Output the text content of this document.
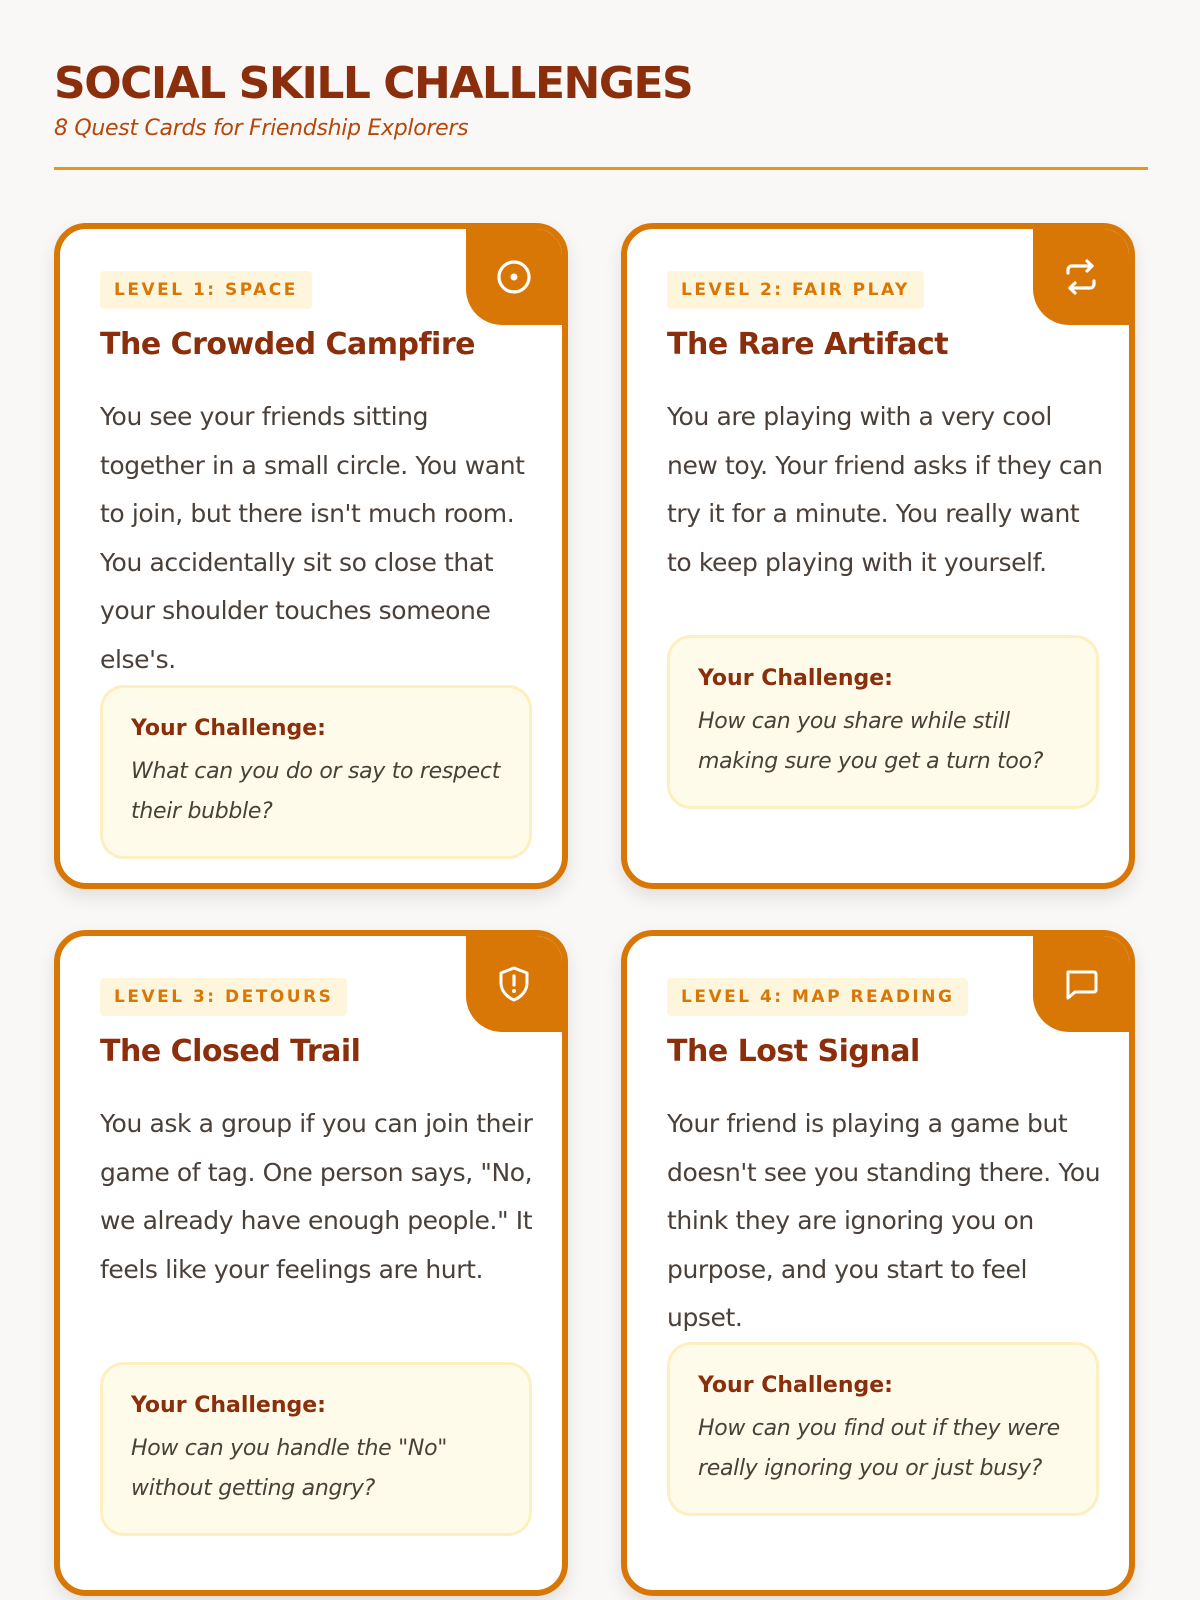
SOCIAL SKILL CHALLENGES
8 Quest Cards for Friendship Explorers
LEVEL 1: SPACE
The Crowded Campfire
You see your friends sitting together in a small circle. You want to join, but there isn't much room. You accidentally sit so close that your shoulder touches someone else's.
Your Challenge:
What can you do or say to respect their bubble?
LEVEL 2: FAIR PLAY
The Rare Artifact
You are playing with a very cool new toy. Your friend asks if they can try it for a minute. You really want to keep playing with it yourself.
Your Challenge:
How can you share while still making sure you get a turn too?
LEVEL 3: DETOURS
The Closed Trail
You ask a group if you can join their game of tag. One person says, "No, we already have enough people." It feels like your feelings are hurt.
Your Challenge:
How can you handle the "No" without getting angry?
LEVEL 4: MAP READING
The Lost Signal
Your friend is playing a game but doesn't see you standing there. You think they are ignoring you on purpose, and you start to feel upset.
Your Challenge:
How can you find out if they were really ignoring you or just busy?
